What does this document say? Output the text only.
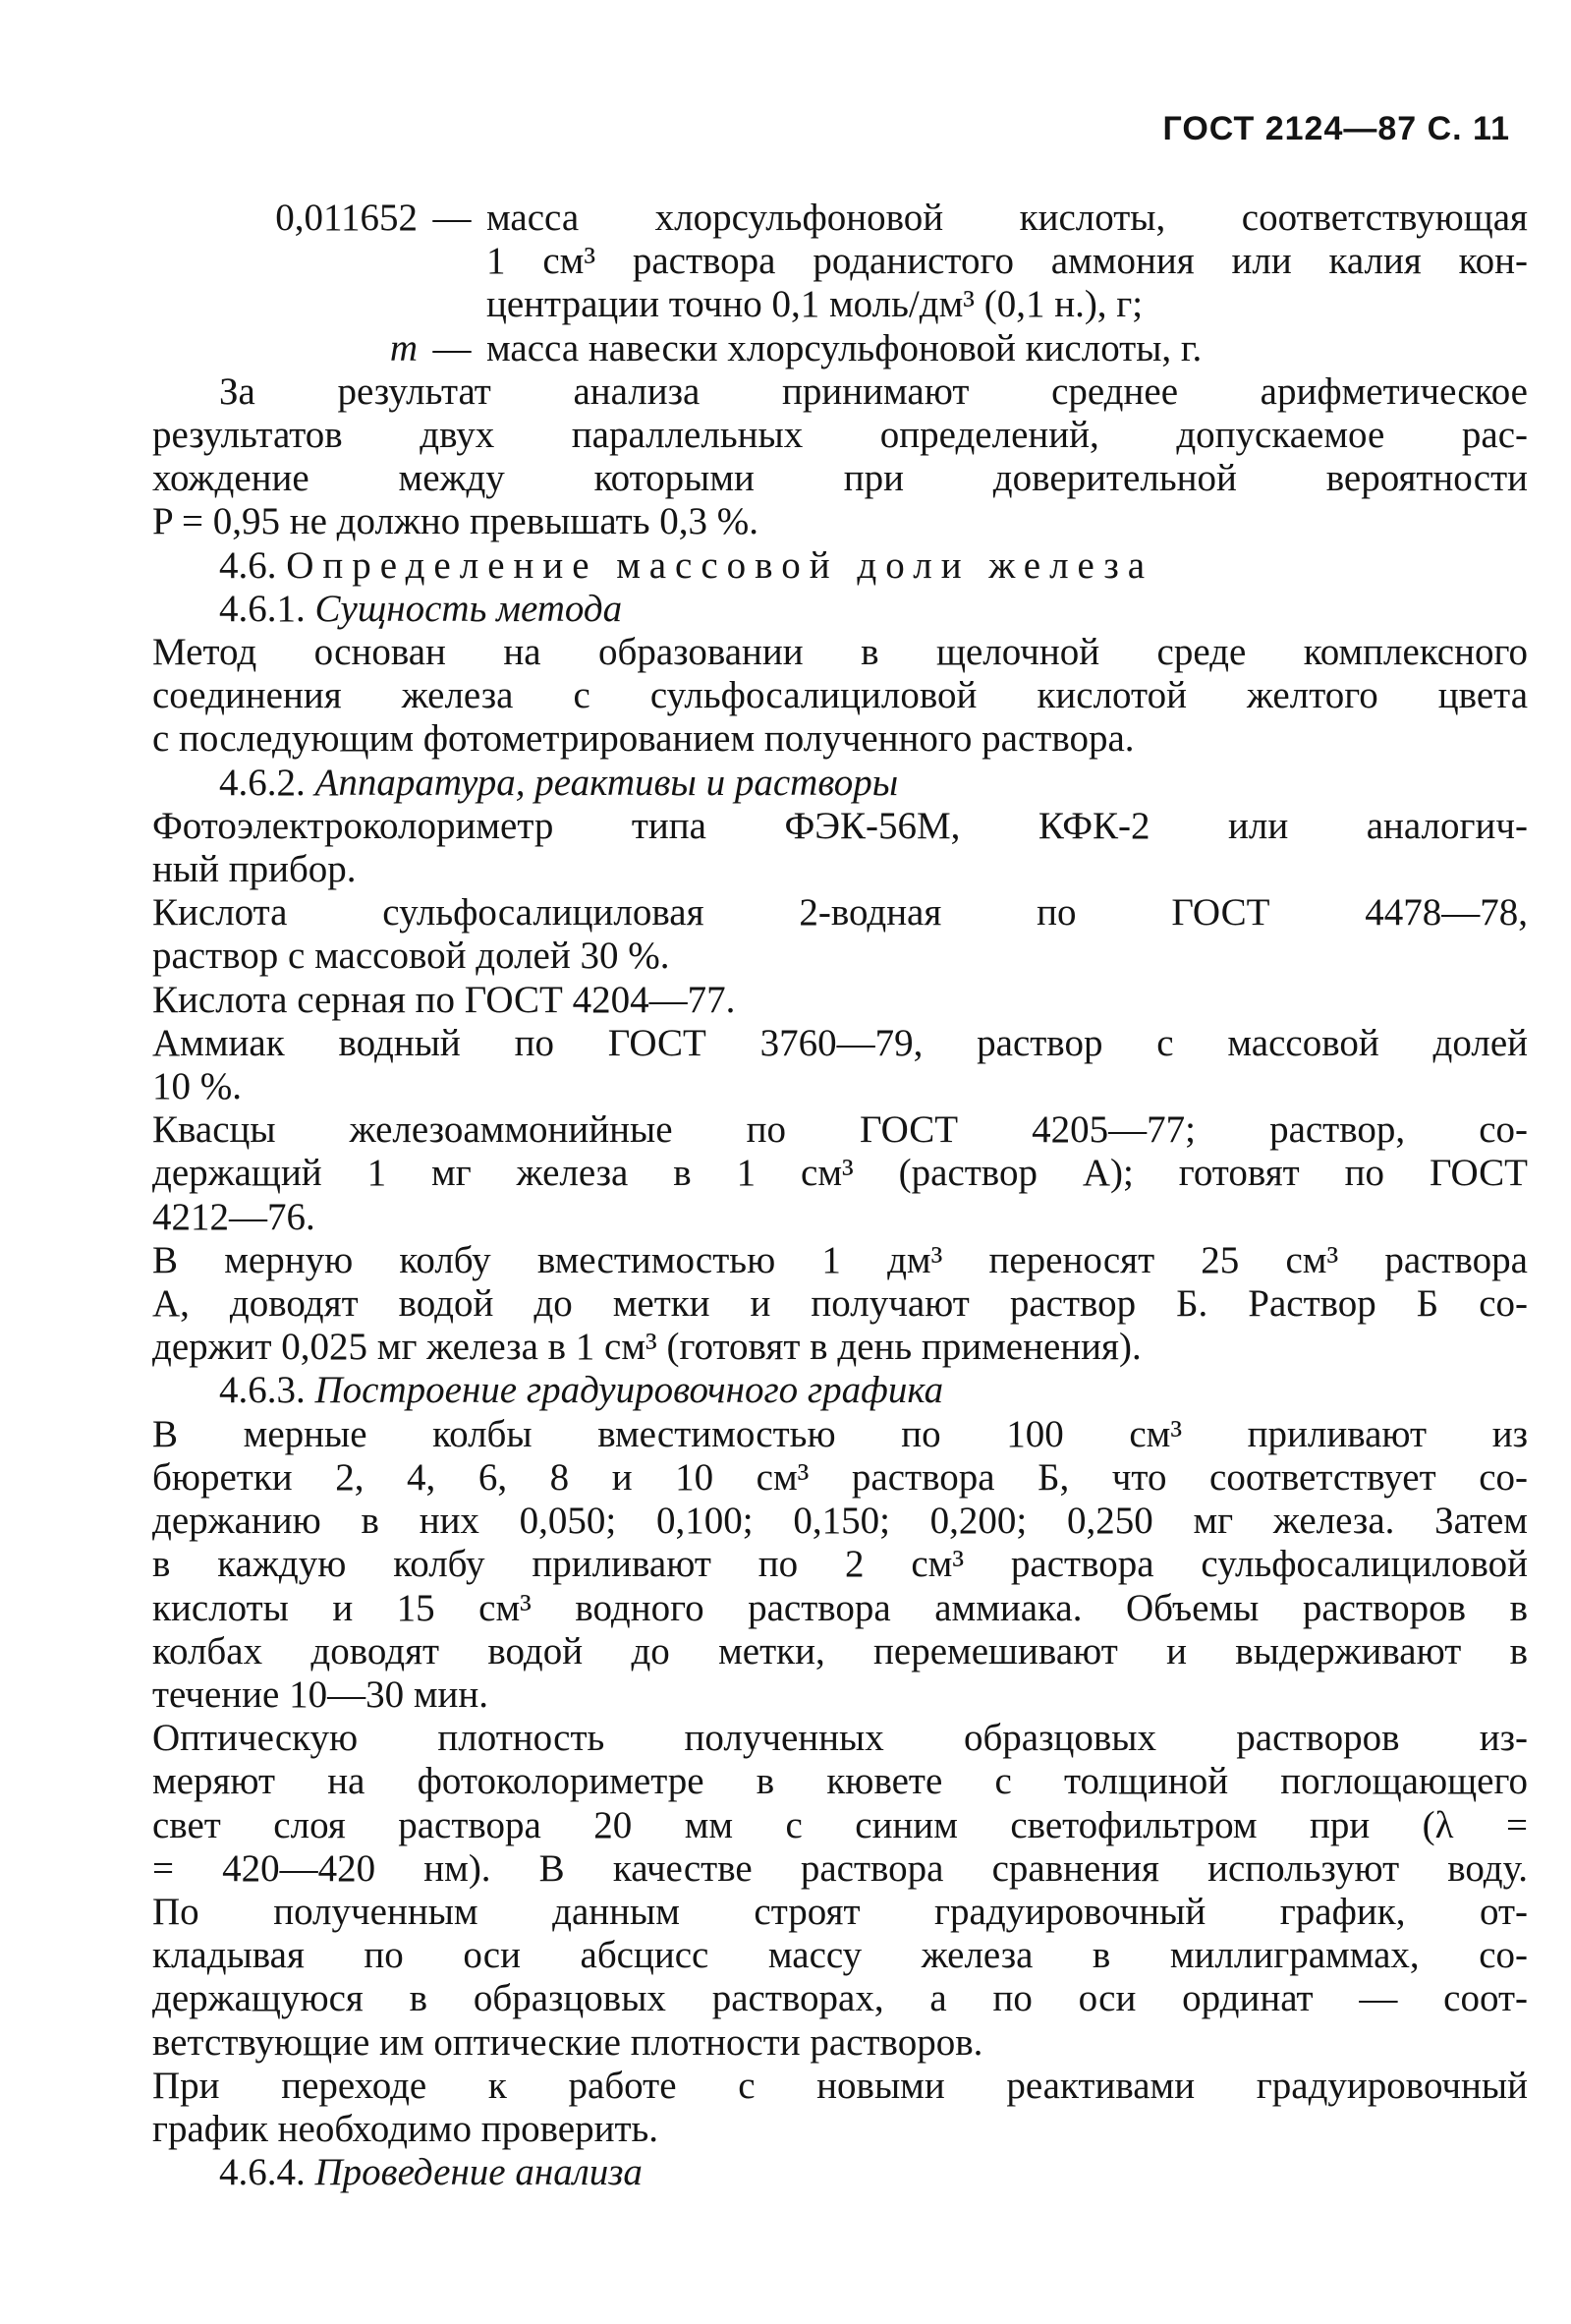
ГОСТ 2124—87 С. 11
0,011652 — масса хлорсульфоновой кислоты, соответствующая
1 см³ раствора роданистого аммония или калия кон-
центрации точно 0,1 моль/дм³ (0,1 н.), г;
m — масса навески хлорсульфоновой кислоты, г.

За результат анализа принимают среднее арифметическое

результатов двух параллельных определений, допускаемое рас-

хождение между которыми при доверительной вероятности

P = 0,95 не должно превышать 0,3 %.

4.6. Определение массовой доли железа

4.6.1. Сущность метода

Метод основан на образовании в щелочной среде комплексного

соединения железа с сульфосалициловой кислотой желтого цвета

с последующим фотометрированием полученного раствора.

4.6.2. Аппаратура, реактивы и растворы

Фотоэлектроколориметр типа ФЭК-56М, КФК-2 или аналогич-

ный прибор.

Кислота сульфосалициловая 2-водная по ГОСТ 4478—78,

раствор с массовой долей 30 %.

Кислота серная по ГОСТ 4204—77.

Аммиак водный по ГОСТ 3760—79, раствор с массовой долей

10 %.

Квасцы железоаммонийные по ГОСТ 4205—77; раствор, со-

держащий 1 мг железа в 1 см³ (раствор А); готовят по ГОСТ

4212—76.

В мерную колбу вместимостью 1 дм³ переносят 25 см³ раствора

А, доводят водой до метки и получают раствор Б. Раствор Б со-

держит 0,025 мг железа в 1 см³ (готовят в день применения).

4.6.3. Построение градуировочного графика

В мерные колбы вместимостью по 100 см³ приливают из

бюретки 2, 4, 6, 8 и 10 см³ раствора Б, что соответствует со-

держанию в них 0,050; 0,100; 0,150; 0,200; 0,250 мг железа. Затем

в каждую колбу приливают по 2 см³ раствора сульфосалициловой

кислоты и 15 см³ водного раствора аммиака. Объемы растворов в

колбах доводят водой до метки, перемешивают и выдерживают в

течение 10—30 мин.

Оптическую плотность полученных образцовых растворов из-

меряют на фотоколориметре в кювете с толщиной поглощающего

свет слоя раствора 20 мм с синим светофильтром при (λ =

= 420—420 нм). В качестве раствора сравнения используют воду.

По полученным данным строят градуировочный график, от-

кладывая по оси абсцисс массу железа в миллиграммах, со-

держащуюся в образцовых растворах, а по оси ординат — соот-

ветствующие им оптические плотности растворов.

При переходе к работе с новыми реактивами градуировочный

график необходимо проверить.

4.6.4. Проведение анализа
